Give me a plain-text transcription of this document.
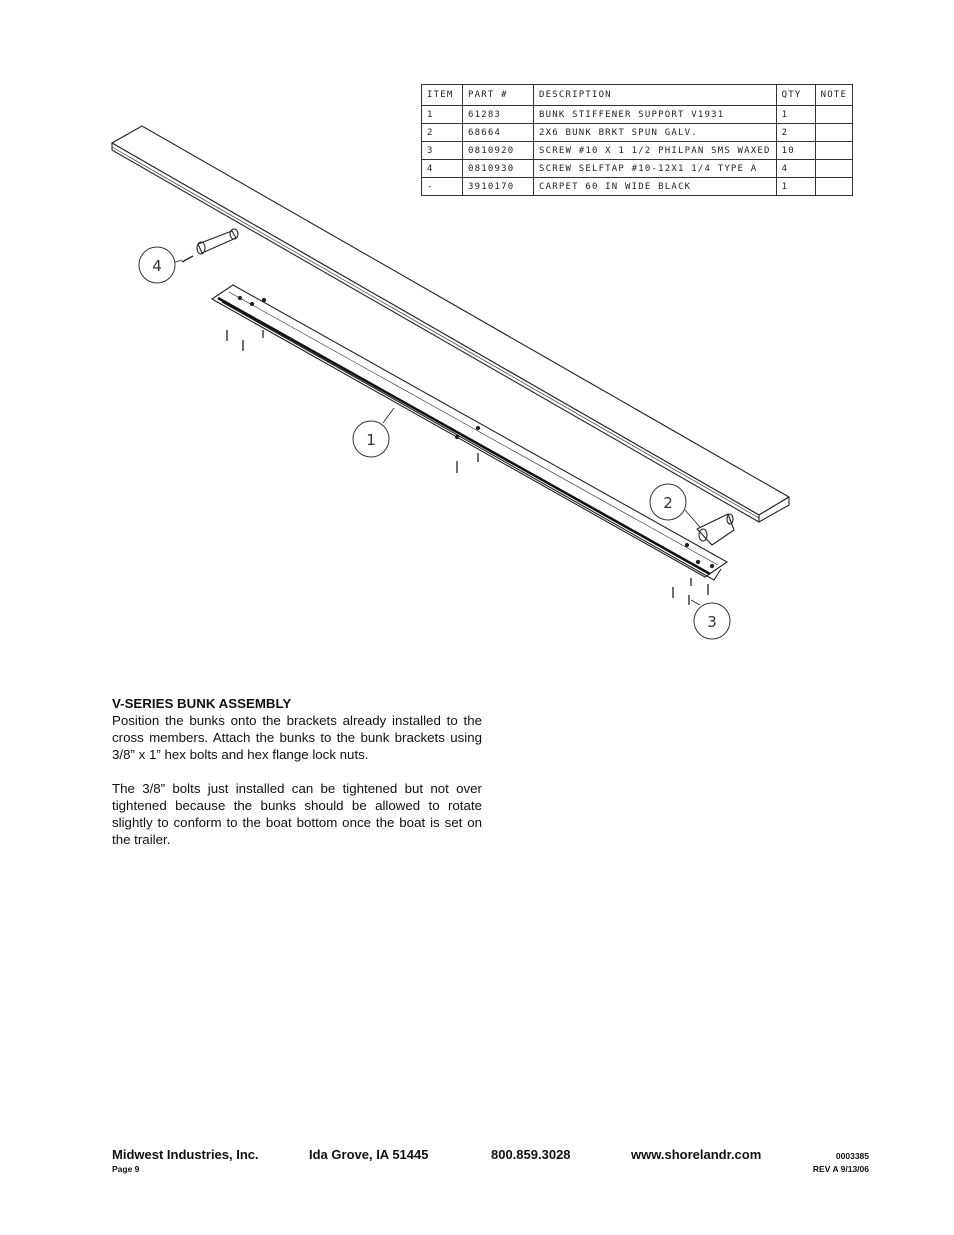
4
1
2
3
ITEM	PART #	DESCRIPTION	QTY	NOTE
1	61283	BUNK STIFFENER SUPPORT V1931	1	
2	68664	2X6 BUNK BRKT SPUN GALV.	2	
3	0810920	SCREW #10 X 1 1/2 PHILPAN SMS WAXED	10	
4	0810930	SCREW SELFTAP #10-12X1 1/4 TYPE A	4	
-	3910170	CARPET 60 IN WIDE BLACK	1	
V-SERIES BUNK ASSEMBLY

Position the bunks onto the brackets already installed to the cross members. Attach the bunks to the bunk brackets using 3/8” x 1” hex bolts and hex flange lock nuts.

The 3/8” bolts just installed can be tightened but not over tightened because the bunks should be allowed to rotate slightly to conform to the boat bottom once the boat is set on the trailer.

Midwest Industries, Inc.	Ida Grove, IA 51445	800.859.3028	www.shorelandr.com	0003385
Page 9	REV A 9/13/06
